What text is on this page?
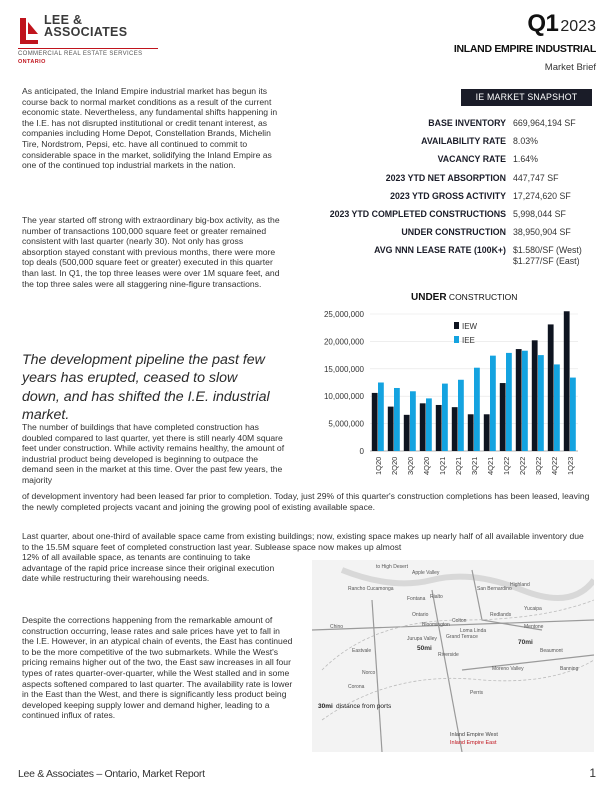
LEE &
ASSOCIATES
COMMERCIAL REAL ESTATE SERVICES
ONTARIO
Q1 2023
INLAND EMPIRE INDUSTRIAL
Market Brief

As anticipated, the Inland Empire industrial market has begun its course back to normal market conditions as a result of the current economic state. Nevertheless, any fundamental shifts happening in the I.E. has not disrupted institutional or credit tenant interest, as companies including Home Depot, Constellation Brands, Michelin Tire, Nordstrom, Pepsi, etc. have all continued to commit to considerable space in the market, solidifying the Inland Empire as one of the continued top industrial markets in the nation.

The year started off strong with extraordinary big-box activity, as the number of transactions 100,000 square feet or greater remained consistent with last quarter (nearly 30). Not only has gross absorption stayed constant with previous months, there were more top deals (500,000 square feet or greater) executed in this quarter than last. In Q1, the top three leases were over 1M square feet, and the top three sales were all staggering nine-figure transactions.

The development pipeline the past few years has erupted, ceased to slow down, and has shifted the I.E. industrial market.

The number of buildings that have completed construction has doubled compared to last quarter, yet there is still nearly 40M square feet under construction. While activity remains healthy, the amount of industrial product being developed is beginning to outpace the demand seen in the market at this time. Over the past few years, the majority

of development inventory had been leased far prior to completion. Today, just 29% of this quarter's construction completions has been leased, leaving the newly completed projects vacant and joining the growing pool of existing available space.

Last quarter, about one-third of available space came from existing buildings; now, existing space makes up nearly half of all available inventory due to the 15.5M square feet of completed construction last year. Sublease space now makes up almost

12% of all available space, as tenants are continuing to take advantage of the rapid price increase since their original execution date while restructuring their warehousing needs.

Despite the corrections happening from the remarkable amount of construction occurring, lease rates and sale prices have yet to fall in the I.E. However, in an atypical chain of events, the East has continued to be the more competitive of the two submarkets. While the West's pricing remains higher out of the two, the East saw increases in all four types of rates quarter-over-quarter, while the West stalled and in some aspects softened compared to last quarter. The availability rate is lower in the East than the West, and there is significantly less product being developed keeping supply lower and demand higher, leading to a continued influx of rates.

IE MARKET SNAPSHOT
BASE INVENTORY 669,964,194 SF
AVAILABILITY RATE 8.03%
VACANCY RATE 1.64%
2023 YTD NET ABSORPTION 447,747 SF
2023 YTD GROSS ACTIVITY 17,274,620 SF
2023 YTD COMPLETED CONSTRUCTIONS 5,998,044 SF
UNDER CONSTRUCTION 38,950,904 SF
AVG NNN LEASE RATE (100K+) $1.580/SF (West)
$1.277/SF (East)
UNDER CONSTRUCTION
0
5,000,000
10,000,000
15,000,000
20,000,000
25,000,000
1Q20 2Q20 3Q20 4Q20 1Q21 2Q21 3Q21 4Q21 1Q22 2Q22 3Q22 4Q22 1Q23
IEW
IEE
to High Desert
Rancho Cucamonga
Fontana Rialto
San Bernardino
Highland
Ontario
Bloomington
Colton
Redlands
Yucaipa
Chino
Jurupa Valley
Loma Linda
Grand Terrace
Mentone
Riverside
Beaumont
Banning
Eastvale
Norco
Corona
Moreno Valley
Perris
Apple Valley
50mi
70mi
30mi distance from ports
Inland Empire West
Inland Empire East
Lee & Associates – Ontario, Market Report	1
